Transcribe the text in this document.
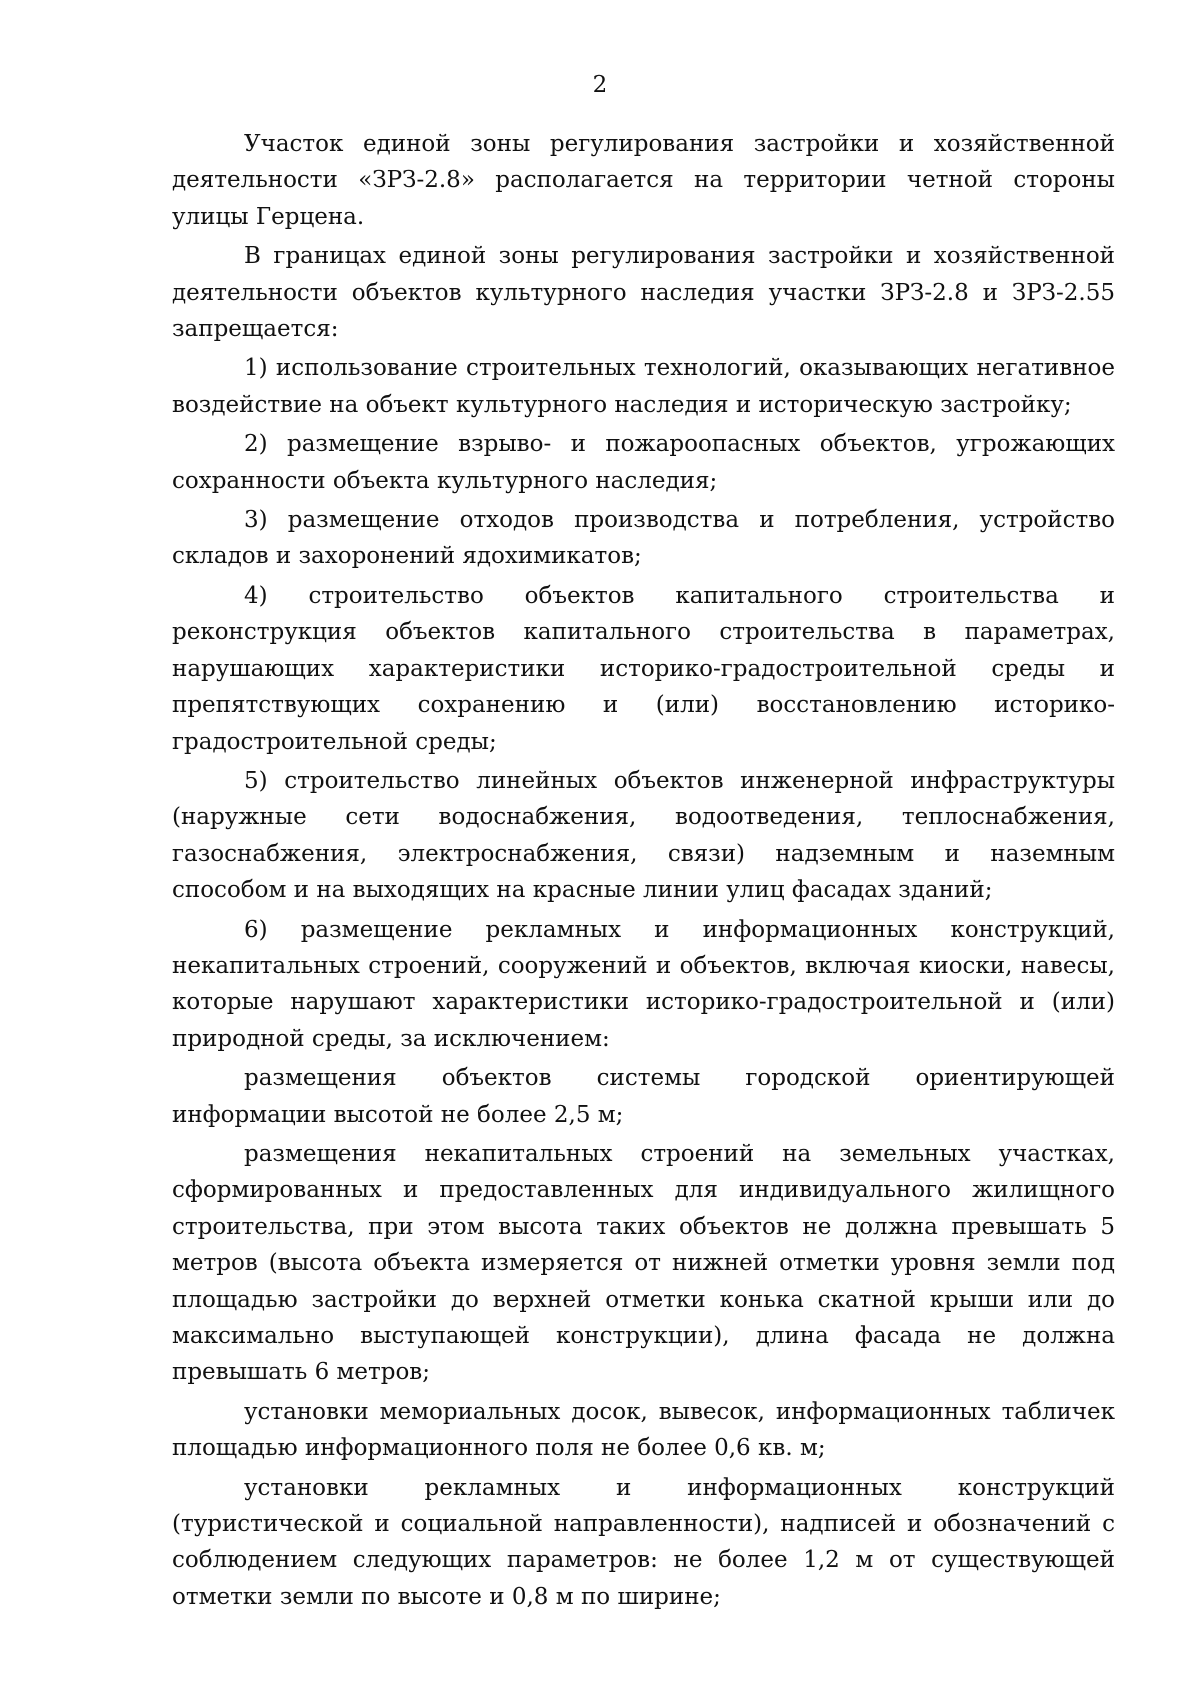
2

Участок единой зоны регулирования застройки и хозяйственной деятельности «ЗРЗ-2.8» располагается на территории четной стороны улицы Герцена.

В границах единой зоны регулирования застройки и хозяйственной деятельности объектов культурного наследия участки ЗРЗ-2.8 и ЗРЗ-2.55 запрещается:

1) использование строительных технологий, оказывающих негативное воздействие на объект культурного наследия и историческую застройку;

2) размещение взрыво- и пожароопасных объектов, угрожающих сохранности объекта культурного наследия;

3) размещение отходов производства и потребления, устройство складов и захоронений ядохимикатов;

4) строительство объектов капитального строительства и реконструкция объектов капитального строительства в параметрах, нарушающих характеристики историко-градостроительной среды и препятствующих сохранению и (или) восстановлению историко-градостроительной среды;

5) строительство линейных объектов инженерной инфраструктуры (наружные сети водоснабжения, водоотведения, теплоснабжения, газоснабжения, электроснабжения, связи) надземным и наземным способом и на выходящих на красные линии улиц фасадах зданий;

6) размещение рекламных и информационных конструкций, некапитальных строений, сооружений и объектов, включая киоски, навесы, которые нарушают характеристики историко-градостроительной и (или) природной среды, за исключением:

размещения объектов системы городской ориентирующей информации высотой не более 2,5 м;

размещения некапитальных строений на земельных участках, сформированных и предоставленных для индивидуального жилищного строительства, при этом высота таких объектов не должна превышать 5 метров (высота объекта измеряется от нижней отметки уровня земли под площадью застройки до верхней отметки конька скатной крыши или до максимально выступающей конструкции), длина фасада не должна превышать 6 метров;

установки мемориальных досок, вывесок, информационных табличек площадью информационного поля не более 0,6 кв. м;

установки рекламных и информационных конструкций (туристической и социальной направленности), надписей и обозначений с соблюдением следующих параметров: не более 1,2 м от существующей отметки земли по высоте и 0,8 м по ширине;
